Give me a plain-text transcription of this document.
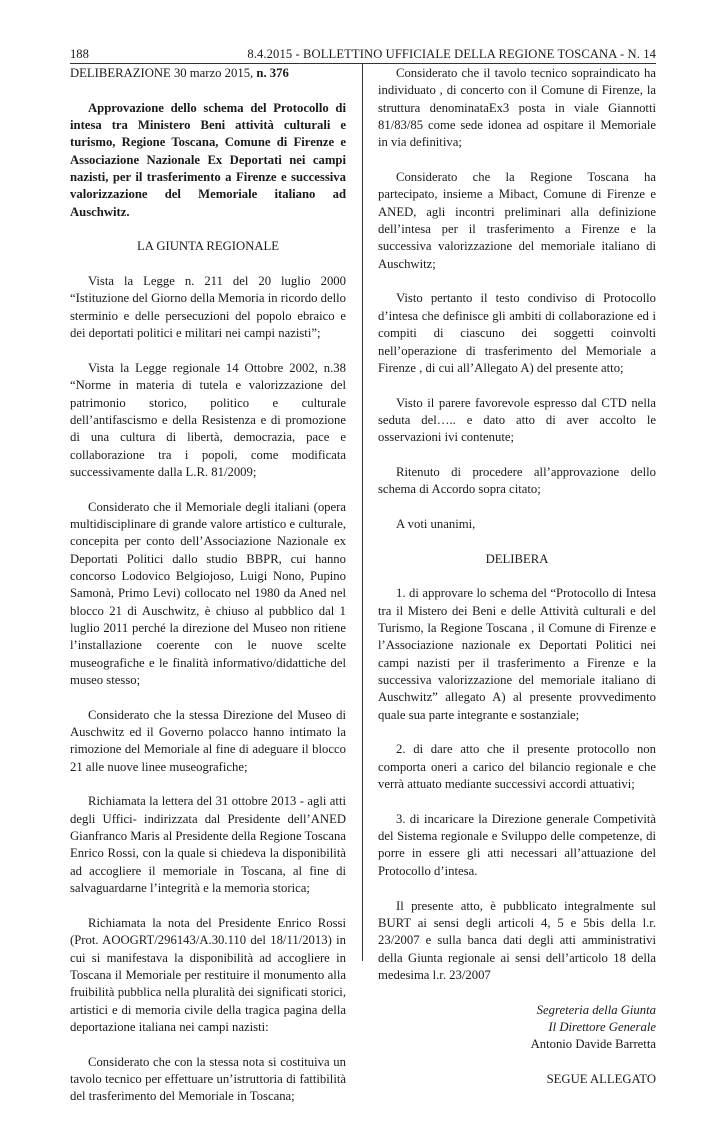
188	8.4.2015 - BOLLETTINO UFFICIALE DELLA REGIONE TOSCANA - N. 14

DELIBERAZIONE 30 marzo 2015, n. 376

Approvazione dello schema del Protocollo di intesa tra Ministero Beni attività culturali e turismo, Regione Toscana, Comune di Firenze e Associazione Nazionale Ex Deportati nei campi nazisti, per il trasferimento a Firenze e successiva valorizzazione del Memoriale italiano ad Auschwitz.

LA GIUNTA REGIONALE

Vista la Legge n. 211 del 20 luglio 2000 “Istituzione del Giorno della Memoria in ricordo dello sterminio e delle persecuzioni del popolo ebraico e dei deportati politici e militari nei campi nazisti”;

Vista la Legge regionale 14 Ottobre 2002, n.38 “Norme in materia di tutela e valorizzazione del patrimonio storico, politico e culturale dell’antifascismo e della Resistenza e di promozione di una cultura di libertà, democrazia, pace e collaborazione tra i popoli, come modificata successivamente dalla L.R. 81/2009;

Considerato che il Memoriale degli italiani (opera multidisciplinare di grande valore artistico e culturale, concepita per conto dell’Associazione Nazionale ex Deportati Politici dallo studio BBPR, cui hanno concorso Lodovico Belgiojoso, Luigi Nono, Pupino Samonà, Primo Levi) collocato nel 1980 da Aned nel blocco 21 di Auschwitz, è chiuso al pubblico dal 1 luglio 2011 perché la direzione del Museo non ritiene l’installazione coerente con le nuove scelte museografiche e le finalità informativo/didattiche del museo stesso;

Considerato che la stessa Direzione del Museo di Auschwitz ed il Governo polacco hanno intimato la rimozione del Memoriale al fine di adeguare il blocco 21 alle nuove linee museografiche;

Richiamata la lettera del 31 ottobre 2013 - agli atti degli Uffici- indirizzata dal Presidente dell’ANED Gianfranco Maris al Presidente della Regione Toscana Enrico Rossi, con la quale si chiedeva la disponibilità ad accogliere il memoriale in Toscana, al fine di salvaguardarne l’integrità e la memoria storica;

Richiamata la nota del Presidente Enrico Rossi (Prot. AOOGRT/296143/A.30.110 del 18/11/2013) in cui si manifestava la disponibilità ad accogliere in Toscana il Memoriale per restituire il monumento alla fruibilità pubblica nella pluralità dei significati storici, artistici e di memoria civile della tragica pagina della deportazione italiana nei campi nazisti:

Considerato che con la stessa nota si costituiva un tavolo tecnico per effettuare un’istruttoria di fattibilità del trasferimento del Memoriale in Toscana;

Considerato che il tavolo tecnico sopraindicato ha individuato , di concerto con il Comune di Firenze, la struttura denominataEx3 posta in viale Giannotti 81/83/85 come sede idonea ad ospitare il Memoriale in via definitiva;

Considerato che la Regione Toscana ha partecipato, insieme a Mibact, Comune di Firenze e ANED, agli incontri preliminari alla definizione dell’intesa per il trasferimento a Firenze e la successiva valorizzazione del memoriale italiano di Auschwitz;

Visto pertanto il testo condiviso di Protocollo d’intesa che definisce gli ambiti di collaborazione ed i compiti di ciascuno dei soggetti coinvolti nell’operazione di trasferimento del Memoriale a Firenze , di cui all’Allegato A) del presente atto;

Visto il parere favorevole espresso dal CTD nella seduta del….. e dato atto di aver accolto le osservazioni ivi contenute;

Ritenuto di procedere all’approvazione dello schema di Accordo sopra citato;

A voti unanimi,

DELIBERA

1. di approvare lo schema del “Protocollo di Intesa tra il Mistero dei Beni e delle Attività culturali e del Turismo, la Regione Toscana , il Comune di Firenze e l’Associazione nazionale ex Deportati Politici nei campi nazisti per il trasferimento a Firenze e la successiva valorizzazione del memoriale italiano di Auschwitz” allegato A) al presente provvedimento quale sua parte integrante e sostanziale;

2. di dare atto che il presente protocollo non comporta oneri a carico del bilancio regionale e che verrà attuato mediante successivi accordi attuativi;

3. di incaricare la Direzione generale Competività del Sistema regionale e Sviluppo delle competenze, di porre in essere gli atti necessari all’attuazione del Protocollo d’intesa.

Il presente atto, è pubblicato integralmente sul BURT ai sensi degli articoli 4, 5 e 5bis della l.r. 23/2007 e sulla banca dati degli atti amministrativi della Giunta regionale ai sensi dell’articolo 18 della medesima l.r. 23/2007

Segreteria della Giunta

Il Direttore Generale

Antonio Davide Barretta

SEGUE ALLEGATO
